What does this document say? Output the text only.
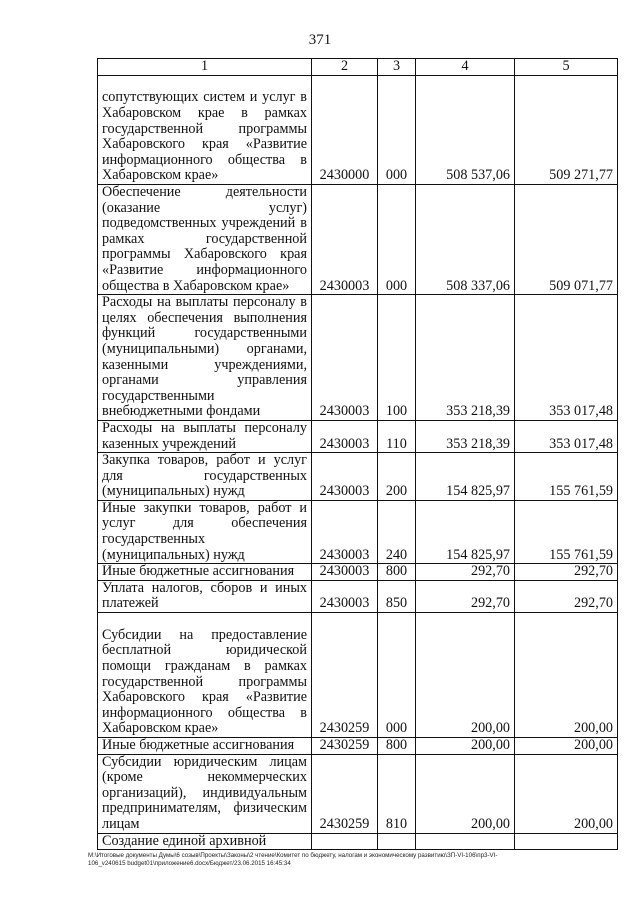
371
1	2	3	4	5
сопутствующих систем и услуг в Хабаровском крае в рамках государственной программы Хабаровского края «Развитие информационного общества в Хабаровском крае»	2430000	000	508 537,06	509 271,77
Обеспечение деятельности (оказание услуг) подведомственных учреждений в рамках государственной программы Хабаровского края «Развитие информационного общества в Хабаровском крае»	2430003	000	508 337,06	509 071,77
Расходы на выплаты персоналу в целях обеспечения выполнения функций государственными (муниципальными) органами, казенными учреждениями, органами управления государственными внебюджетными фондами	2430003	100	353 218,39	353 017,48
Расходы на выплаты персоналу казенных учреждений	2430003	110	353 218,39	353 017,48
Закупка товаров, работ и услуг для государственных (муниципальных) нужд	2430003	200	154 825,97	155 761,59
Иные закупки товаров, работ и услуг для обеспечения государственных (муниципальных) нужд	2430003	240	154 825,97	155 761,59
Иные бюджетные ассигнования	2430003	800	292,70	292,70
Уплата налогов, сборов и иных платежей	2430003	850	292,70	292,70
Субсидии на предоставление бесплатной юридической помощи гражданам в рамках государственной программы Хабаровского края «Развитие информационного общества в Хабаровском крае»	2430259	000	200,00	200,00
Иные бюджетные ассигнования	2430259	800	200,00	200,00
Субсидии юридическим лицам (кроме некоммерческих организаций), индивидуальным предпринимателям, физическим лицам	2430259	810	200,00	200,00
Создание единой архивной				
М:\Итоговые документы Думы\6 созыв\Проекты\Законы\2 чтение\Комитет по бюджету, налогам и экономическому развитию\ЗП-VI-106\пр3-VI-
106_v240615 budget01\приложение6.docx/Бюджет/23.06.2015 16:45:34
